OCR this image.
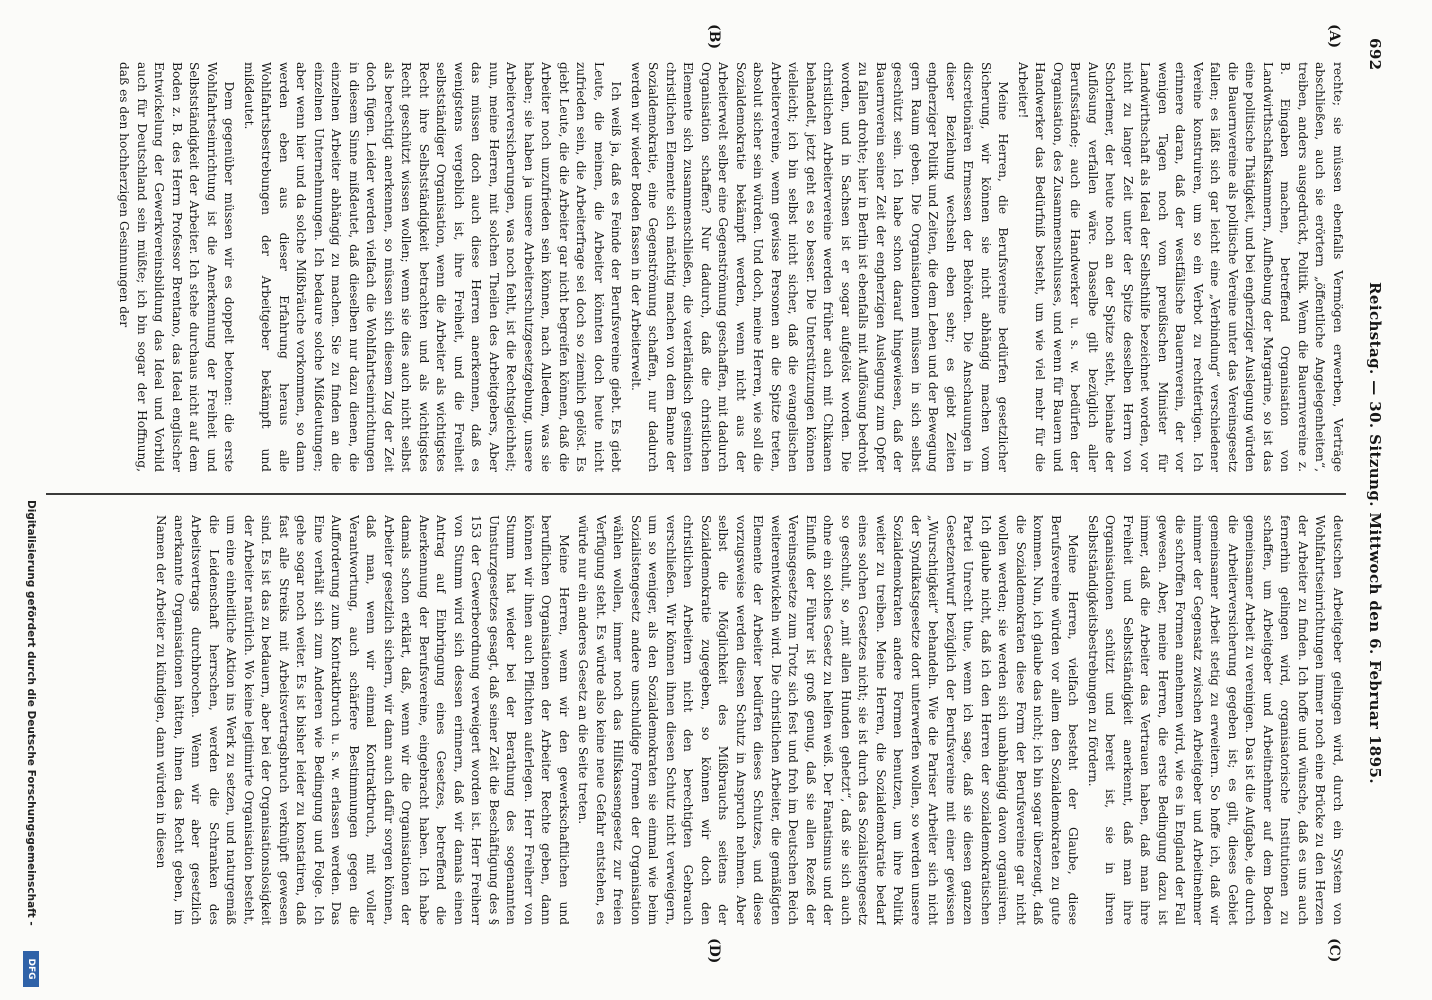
692
Reichstag. — 30. Sitzung. Mittwoch den 6. Februar 1895.
(A)
(B)
(C)
(D)

rechte; sie müssen ebenfalls Vermögen erwerben, Verträge abschließen, auch sie erörtern „öffentliche Angelegenheiten“, treiben, anders ausgedrückt, Politik. Wenn die Bauernvereine z. B. Eingaben machen, betreffend Organisation von Landwirthschaftskammern, Aufhebung der Margarine, so ist das eine politische Thätigkeit, und bei engherziger Auslegung würden die Bauernvereine als politische Vereine unter das Vereinsgesetz fallen; es läßt sich gar leicht eine „Verbindung“ verschiedener Vereine konstruiren, um so ein Verbot zu rechtfertigen. Ich erinnere daran, daß der westfälische Bauernverein, der vor wenigen Tagen noch vom preußischen Minister für Landwirthschaft als Ideal der Selbsthilfe bezeichnet worden, vor nicht zu langer Zeit unter der Spitze desselben Herrn von Schorlemer, der heute noch an der Spitze steht, beinahe der Auflösung verfallen wäre. Dasselbe gilt bezüglich aller Berufsstände; auch die Handwerker u. s. w. bedürfen der Organisation, des Zusammenschlusses, und wenn für Bauern und Handwerker das Bedürfniß besteht, um wie viel mehr für die Arbeiter!

Meine Herren, die Berufsvereine bedürfen gesetzlicher Sicherung, wir können sie nicht abhängig machen vom discretionären Ermessen der Behörden. Die Anschauungen in dieser Beziehung wechseln eben sehr; es giebt Zeiten engherziger Politik und Zeiten, die dem Leben und der Bewegung gern Raum geben. Die Organisationen müssen in sich selbst geschützt sein. Ich habe schon darauf hingewiesen, daß der Bauernverein seiner Zeit der engherzigen Auslegung zum Opfer zu fallen drohte; hier in Berlin ist ebenfalls mit Auflösung bedroht worden, und in Sachsen ist er sogar aufgelöst worden. Die christlichen Arbeitervereine werden früher auch mit Chikanen behandelt, jetzt geht es so besser. Die Unterstützungen können vielleicht; ich bin selbst nicht sicher, daß die evangelischen Arbeitervereine, wenn gewisse Personen an die Spitze treten, absolut sicher sein würden. Und doch, meine Herren, wie soll die Sozialdemokratie bekämpft werden, wenn nicht aus der Arbeiterwelt selber eine Gegenströmung geschaffen, mit dadurch Organisation schaffen? Nur dadurch, daß die christlichen Elemente sich zusammenschließen, die vaterländisch gesinnten christlichen Elemente sich mächtig machen von dem Banne der Sozialdemokratie, eine Gegenströmung schaffen, nur dadurch werden wir wieder Boden fassen in der Arbeiterwelt.

Ich weiß ja, daß es Feinde der Berufsvereine giebt. Es giebt Leute, die meinen, die Arbeiter könnten doch heute nicht zufrieden sein, die Arbeiterfrage sei doch so ziemlich gelöst. Es giebt Leute, die die Arbeiter gar nicht begreifen können, daß die Arbeiter noch unzufrieden sein können, nach Alledem, was sie haben; sie haben ja unsere Arbeiterschutzgesetzgebung, unsere Arbeiterversicherungen, was noch fehlt, ist die Rechtsgleichheit; nun, meine Herren, mit solchen Theilen des Arbeitgebers, Aber das müssen doch auch diese Herren anerkennen, daß es wenigstens vergeblich ist, ihre Freiheit, und die Freiheit selbstständiger Organisation, wenn die Arbeiter als wichtigstes Recht ihre Selbstständigkeit betrachten und als wichtigstes Recht geschützt wissen wollen; wenn sie dies auch nicht selbst als berechtigt anerkennen, so müssen sich diesem Zug der Zeit doch fügen. Leider werden vielfach die Wohlfahrtseinrichtungen in diesem Sinne mißdeutet, daß dieselben nur dazu dienen, die einzelnen Arbeiter abhängig zu machen. Sie zu finden an die einzelnen Unternehmungen. Ich bedaure solche Mißdeutungen; aber wenn hier und da solche Mißbräuche vorkommen, so dann werden eben aus dieser Erfahrung heraus alle Wohlfahrtsbestrebungen der Arbeitgeber bekämpft und mißdeutet.

Dem gegenüber müssen wir es doppelt betonen: die erste Wohlfahrtseinrichtung ist die Anerkennung der Freiheit und Selbstständigkeit der Arbeiter. Ich stehe durchaus nicht auf dem Boden z. B. des Herrn Professor Brentano, das Ideal englischer Entwickelung der Gewerkvereinsbildung das Ideal und Vorbild auch für Deutschland sein müßte; ich bin sogar der Hoffnung, daß es den hochherzigen Gesinnungen der

deutschen Arbeitgeber gelingen wird, durch ein System von Wohlfahrtseinrichtungen immer noch eine Brücke zu den Herzen der Arbeiter zu finden. Ich hoffe und wünsche, daß es uns auch fernerhin gelingen wird, organisatorische Institutionen zu schaffen, um Arbeitgeber und Arbeitnehmer auf dem Boden gemeinsamer Arbeit zu vereinigen. Das ist die Aufgabe, die durch die Arbeiterversicherung gegeben ist; es gilt, dieses Gebiet gemeinsamer Arbeit stetig zu erweitern. So hoffe ich, daß wir nimmer der Gegensatz zwischen Arbeitgeber und Arbeitnehmer die schroffen Formen annehmen wird, wie es in England der Fall gewesen. Aber, meine Herren, die erste Bedingung dazu ist immer, daß die Arbeiter das Vertrauen haben, daß man ihre Freiheit und Selbstständigkeit anerkennt, daß man ihre Organisationen schützt und bereit ist, sie in ihren Selbstständigkeitsbestrebungen zu fördern.

Meine Herren, vielfach besteht der Glaube, diese Berufsvereine würden vor allem den Sozialdemokraten zu gute kommen. Nun, ich glaube das nicht; ich bin sogar überzeugt, daß die Sozialdemokraten diese Form der Berufsvereine gar nicht wollen werden; sie werden sich unabhängig davon organisiren. Ich glaube nicht, daß ich den Herren der sozialdemokratischen Partei Unrecht thue, wenn ich sage, daß sie diesen ganzen Gesetzentwurf bezüglich der Berufsvereine mit einer gewissen „Wurschtigkeit“ behandeln. Wie die Pariser Arbeiter sich nicht der Syndikatsgesetze dort unterwerfen wollen, so werden unsere Sozialdemokraten andere Formen benutzen, um ihre Politik weiter zu treiben. Meine Herren, die Sozialdemokratie bedarf eines solchen Gesetzes nicht; sie ist durch das Sozialistengesetz so geschult, so „mit allen Hunden gehetzt“, daß sie sich auch ohne ein solches Gesetz zu helfen weiß. Der Fanatismus und der Einfluß der Führer ist groß genug, daß sie allen Rezeß der Vereinsgesetze zum Trotz sich fest und froh im Deutschen Reich weiterentwickeln wird. Die christlichen Arbeiter, die gemäßigten Elemente der Arbeiter bedürfen dieses Schutzes, und diese vorzugsweise werden diesen Schutz in Anspruch nehmen. Aber selbst die Möglichkeit des Mißbrauchs seitens der Sozialdemokratie zugegeben, so können wir doch den christlichen Arbeitern nicht den berechtigten Gebrauch verschließen. Wir können ihnen diesen Schutz nicht verweigern, um so weniger, als den Sozialdemokraten sie einmal wie beim Sozialistengesetz andere unschuldige Formen der Organisation wählen wollen, immer noch das Hilfskassengesetz zur freien Verfügung steht. Es würde also keine neue Gefahr entstehen, es würde nur ein anderes Gesetz an die Seite treten.

Meine Herren, wenn wir den gewerkschaftlichen und beruflichen Organisationen der Arbeiter Rechte geben, dann können wir ihnen auch Pflichten auferlegen. Herr Freiherr von Stumm hat wieder bei der Berathung des sogenannten Umsturzgesetzes gesagt, daß seiner Zeit die Beschäftigung des § 153 der Gewerbeordnung verweigert worden ist. Herr Freiherr von Stumm wird sich dessen erinnern, daß wir damals einen Antrag auf Einbringung eines Gesetzes, betreffend die Anerkennung der Berufsvereine, eingebracht haben. Ich habe damals schon erklärt, daß, wenn wir die Organisationen der Arbeiter gesetzlich sichern, wir dann auch dafür sorgen können, daß man, wenn wir einmal Kontraktbruch, mit voller Verantwortung, auch schärfere Bestimmungen gegen die Aufforderung zum Kontraktbruch u. s. w. erlassen werden. Das Eine verhält sich zum Anderen wie Bedingung und Folge. Ich gehe sogar noch weiter. Es ist bisher leider zu konstatiren, daß fast alle Streiks mit Arbeitsvertragsbruch verknüpft gewesen sind. Es ist das zu bedauern, aber bei der Organisationslosigkeit der Arbeiter natürlich. Wo keine legitimirte Organisation besteht, um eine einheitliche Aktion ins Werk zu setzen, und naturgemäß die Leidenschaft herrschen, werden die Schranken des Arbeitsvertrags durchbrochen. Wenn wir aber gesetzlich anerkannte Organisationen hätten, ihnen das Recht geben, im Namen der Arbeiter zu kündigen, dann würden in diesen

Digitalisierung gefördert durch die Deutsche Forschungsgemeinschaft -
DFG
